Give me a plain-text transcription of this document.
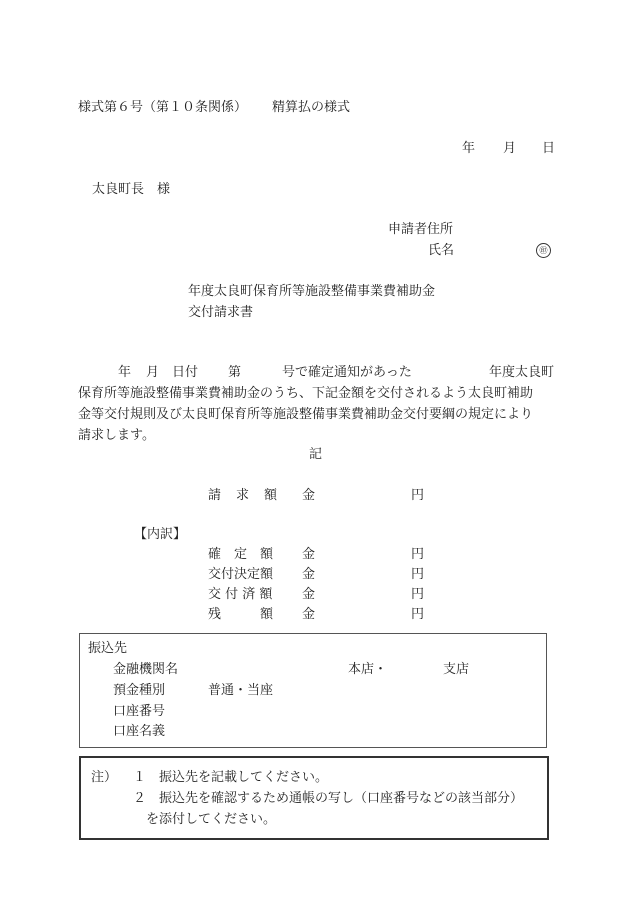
様式第６号（第１０条関係） 精算払の様式
年 月 日
太良町長　様
申請者住所
氏名	㊞
年度太良町保育所等施設整備事業費補助金
交付請求書
年 月 日付 第	号で確定通知があった	年度太良町
保育所等施設整備事業費補助金のうち、下記金額を交付されるよう太良町補助
金等交付規則及び太良町保育所等施設整備事業費補助金交付要綱の規定により
請求します。
記
請　求　額 金	円
【内訳】
確　定　額 金	円
交付決定額 金	円
交 付 済 額 金	円
残　　　額 金	円
振込先
金融機関名	本店・	支店
預金種別	普通・当座
口座番号
口座名義
注） １ 振込先を記載してください。
２ 振込先を確認するため通帳の写し（口座番号などの該当部分）
を添付してください。
